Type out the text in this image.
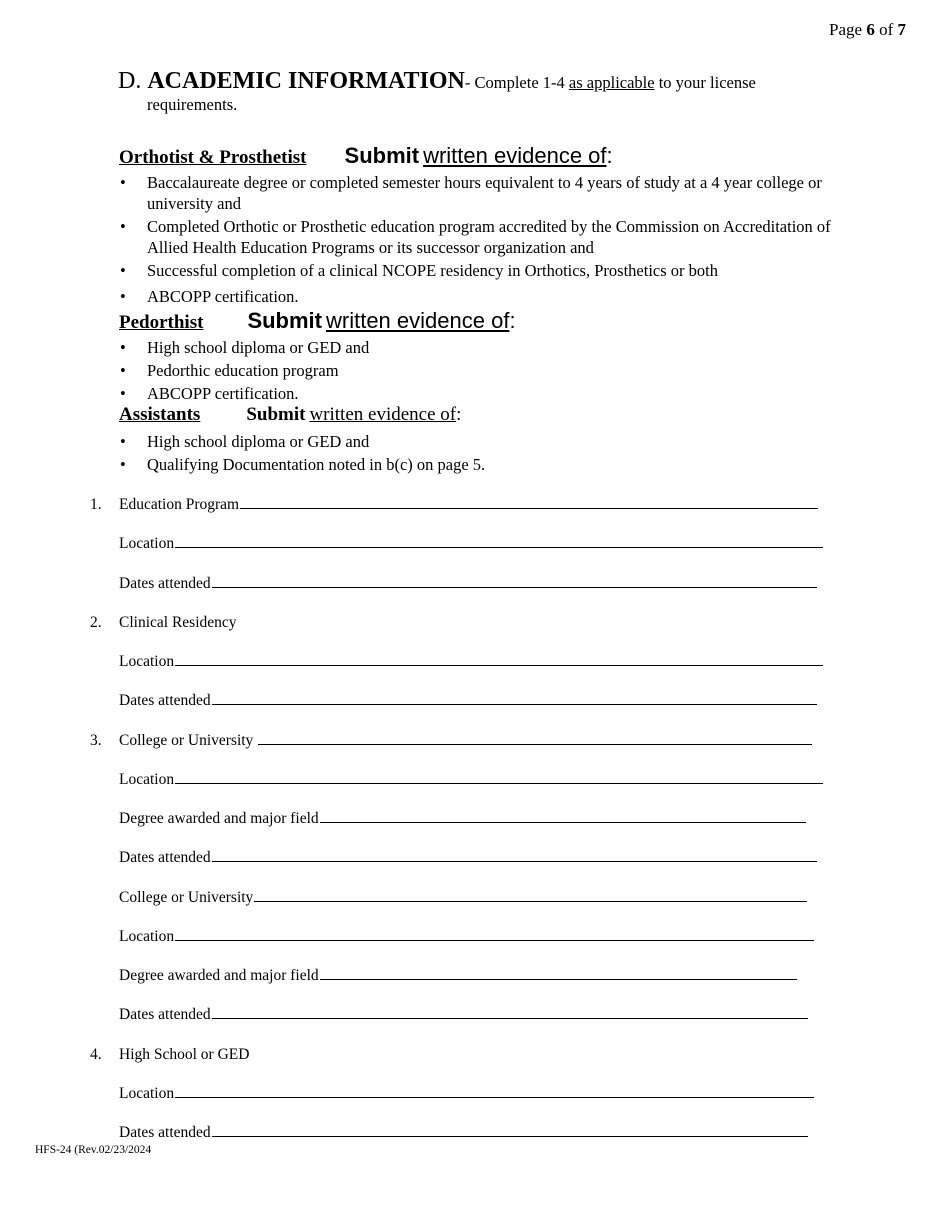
Page 6 of 7
D. ACADEMIC INFORMATION- Complete 1-4 as applicable to your license
requirements.
Orthotist & Prosthetist Submit written evidence of:
• Baccalaureate degree or completed semester hours equivalent to 4 years of study at a 4 year college or university and
• Completed Orthotic or Prosthetic education program accredited by the Commission on Accreditation of Allied Health Education Programs or its successor organization and
• Successful completion of a clinical NCOPE residency in Orthotics, Prosthetics or both
• ABCOPP certification.
Pedorthist Submit written evidence of:
• High school diploma or GED and
• Pedorthic education program
• ABCOPP certification.
Assistants Submit written evidence of:
• High school diploma or GED and
• Qualifying Documentation noted in b(c) on page 5.
1. Education Program
Location
Dates attended
2. Clinical Residency
Location
Dates attended
3. College or University
Location
Degree awarded and major field
Dates attended
College or University
Location
Degree awarded and major field
Dates attended
4. High School or GED
Location
Dates attended
HFS-24 (Rev.02/23/2024
